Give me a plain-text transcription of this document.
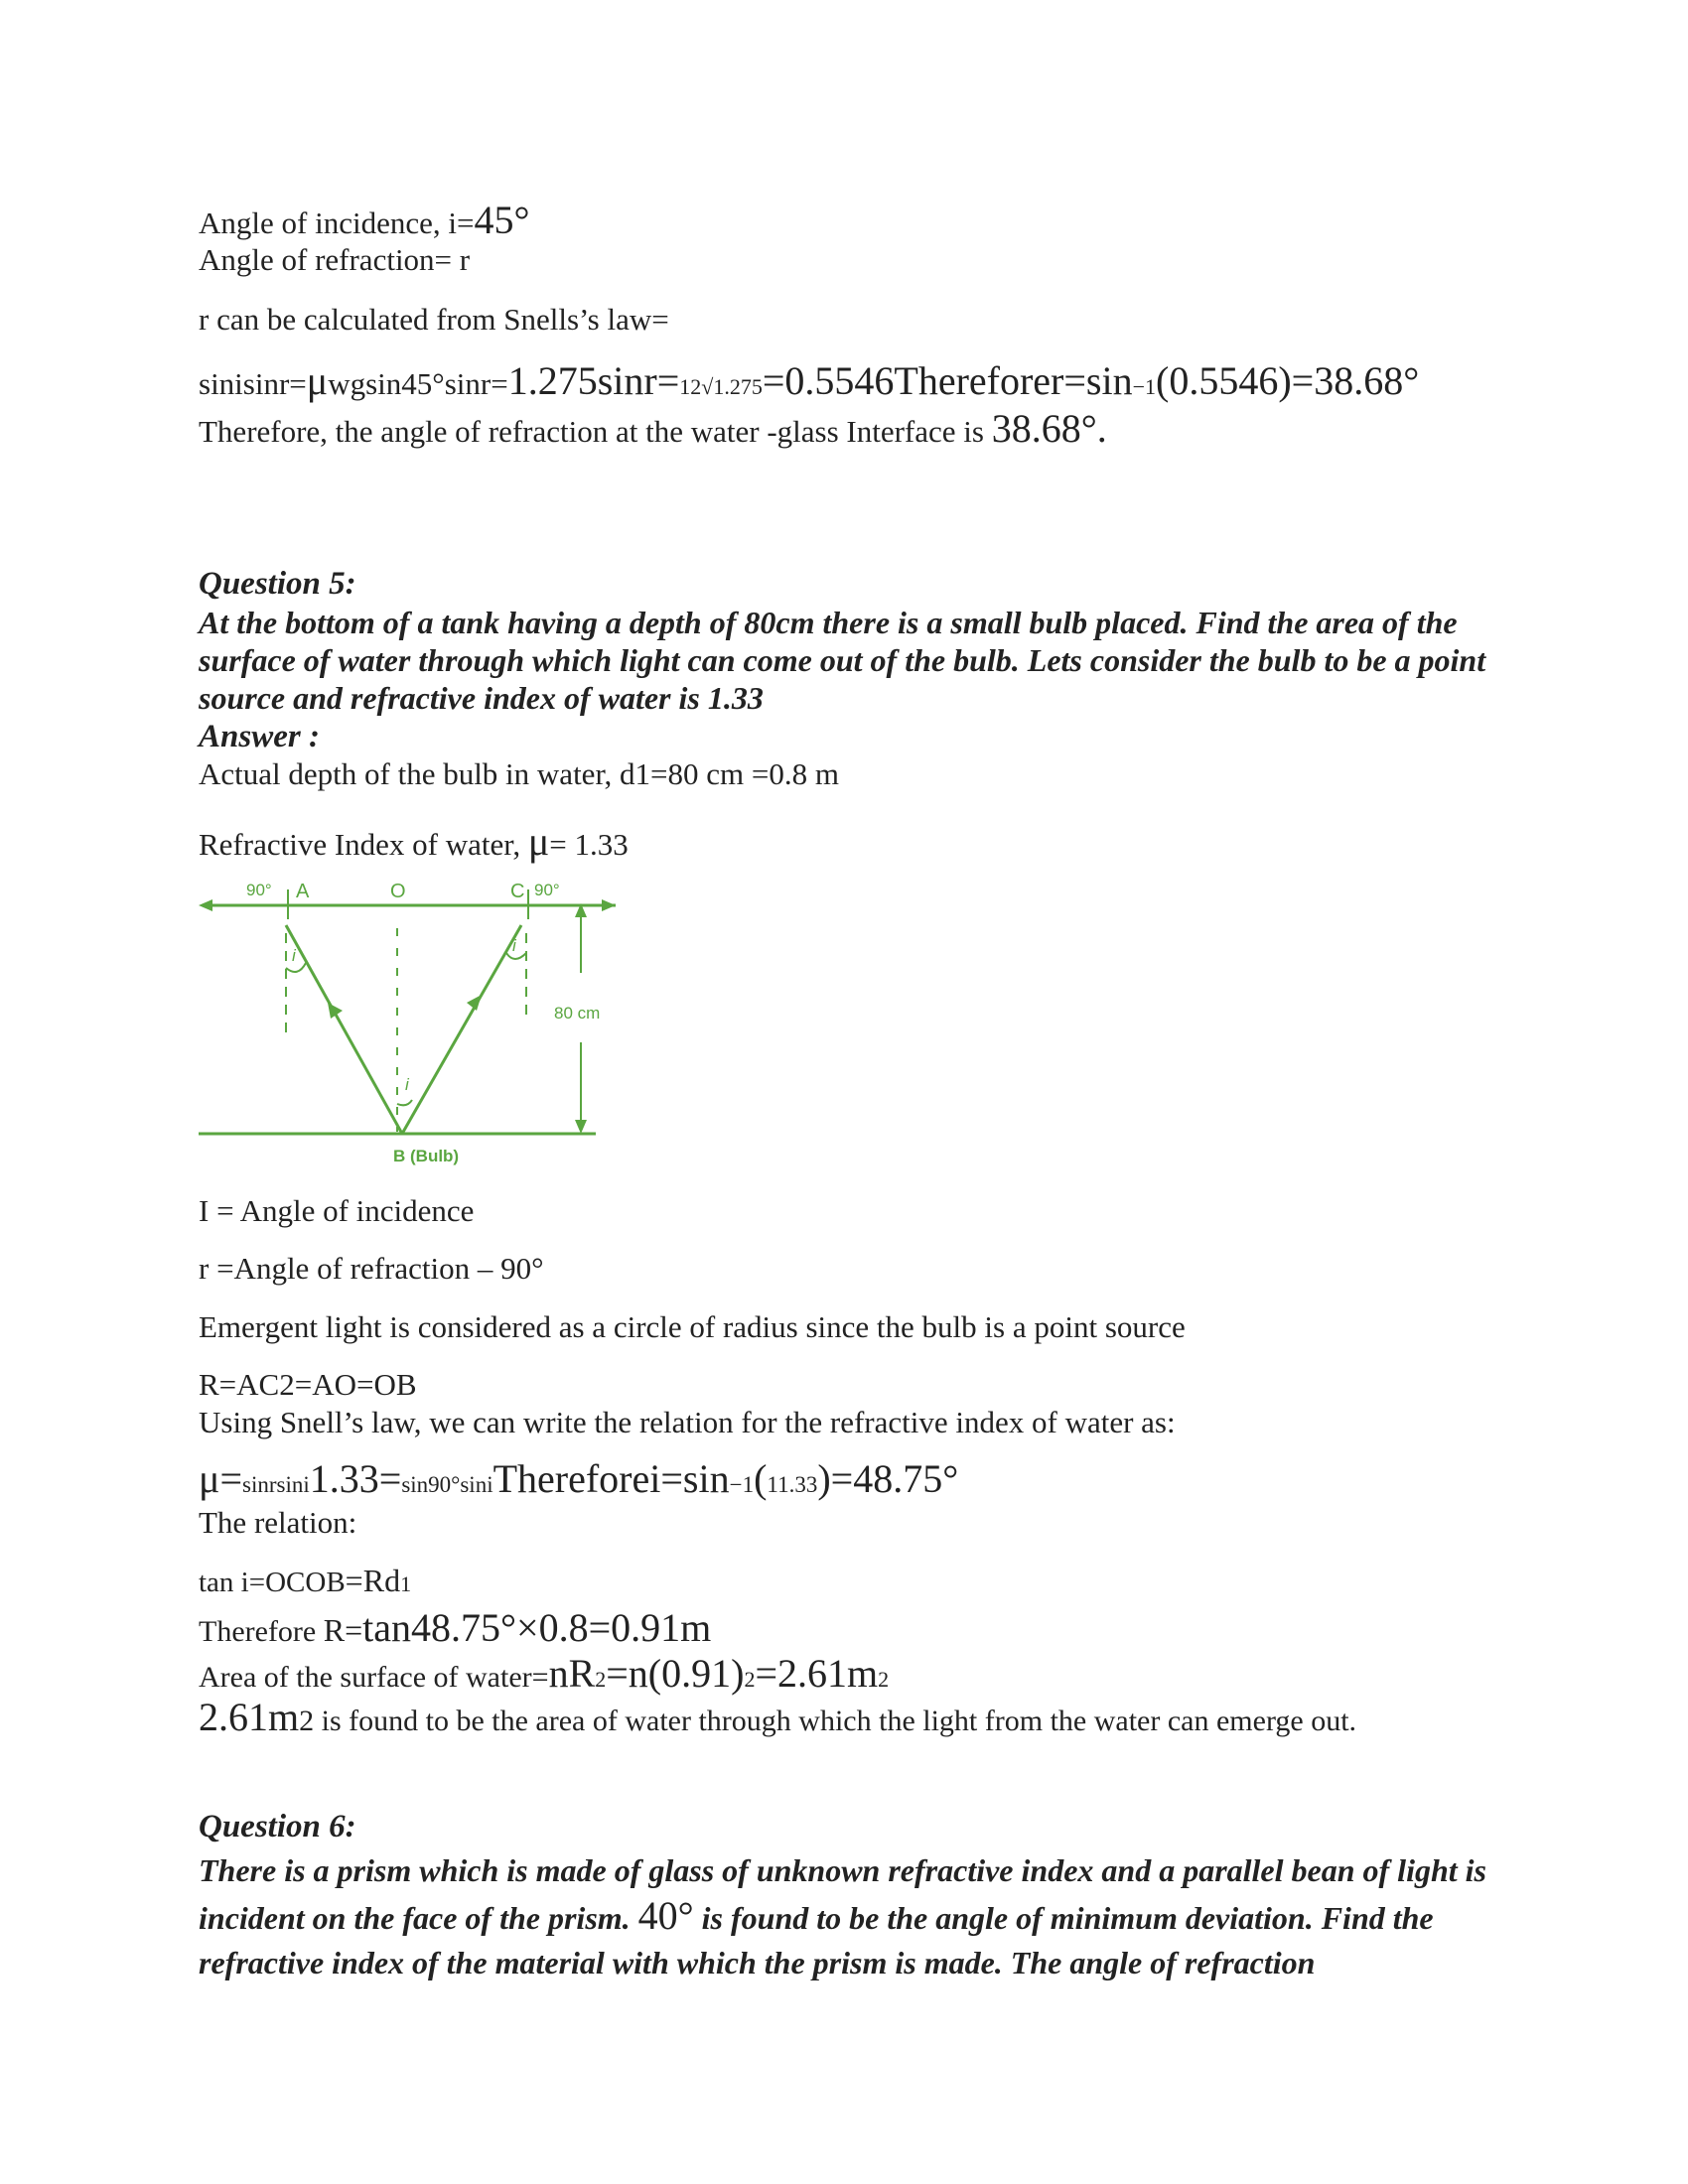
Angle of incidence, i=45°
Angle of refraction= r
r can be calculated from Snells’s law=
sinisinr=μwgsin45°sinr=1.275sinr=12√1.275=0.5546Thereforer=sin−1(0.5546)=38.68°
Therefore, the angle of refraction at the water -glass Interface is 38.68°.
Question 5:
At the bottom of a tank having a depth of 80cm there is a small bulb placed. Find the area of the surface of water through which light can come out of the bulb. Lets consider the bulb to be a point source and refractive index of water is 1.33
Answer :
Actual depth of the bulb in water, d1=80 cm =0.8 m
Refractive Index of water, μ= 1.33
90° A	O	C 90°
80 cm
B (Bulb)
i
i
i
I = Angle of incidence
r =Angle of refraction – 90°
Emergent light is considered as a circle of radius since the bulb is a point source
R=AC2=AO=OB
Using Snell’s law, we can write the relation for the refractive index of water as:
μ=sinrsini1.33=sin90°siniThereforei=sin−1(11.33)=48.75°
The relation:
tan i=OCOB=Rd1
Therefore R=tan48.75°×0.8=0.91m
Area of the surface of water=nR2=n(0.91)2=2.61m2
2.61m2 is found to be the area of water through which the light from the water can emerge out.
Question 6:
There is a prism which is made of glass of unknown refractive index and a parallel bean of light is incident on the face of the prism. 40° is found to be the angle of minimum deviation. Find the refractive index of the material with which the prism is made. The angle of refraction
